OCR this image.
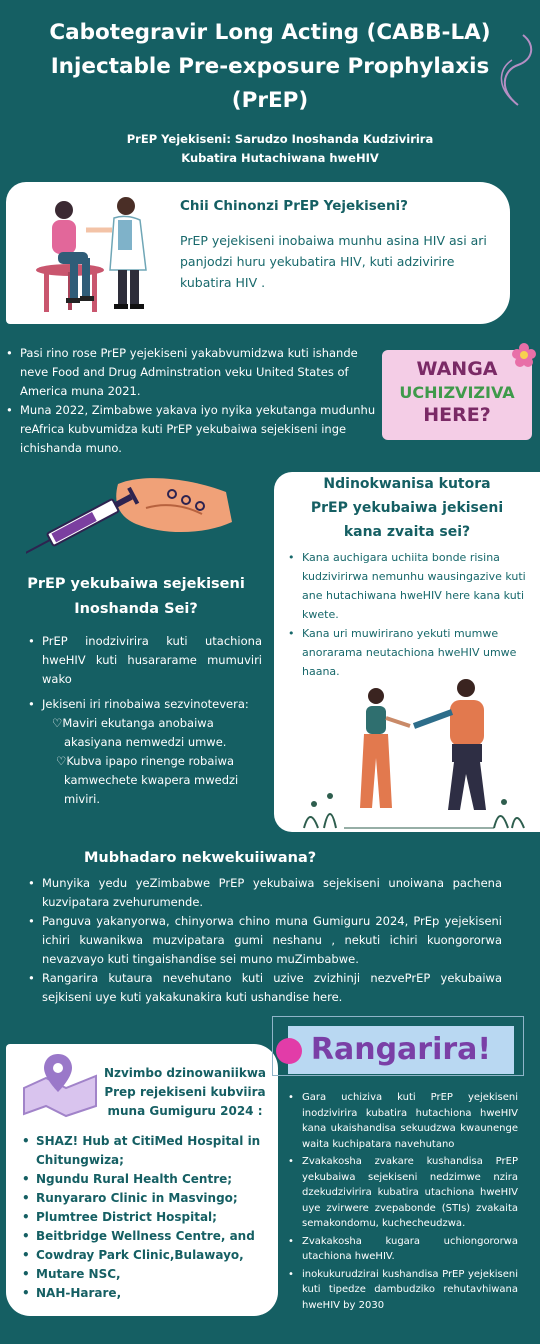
Cabotegravir Long Acting (CABB-LA)
Injectable Pre-exposure Prophylaxis
(PrEP)
PrEP Yejekiseni: Sarudzo Inoshanda Kudzivirira
Kubatira Hutachiwana hweHIV
Chii Chinonzi PrEP Yejekiseni?
PrEP yejekiseni inobaiwa munhu asina HIV asi ari panjodzi huru yekubatira HIV, kuti adzivirire kubatira HIV .
• Pasi rino rose PrEP yejekiseni yakabvumidzwa kuti ishande neve Food and Drug Adminstration veku United States of America muna 2021.
• Muna 2022, Zimbabwe yakava iyo nyika yekutanga mudunhu reAfrica kubvumidza kuti PrEP yekubaiwa sejekiseni inge ichishanda muno.
WANGA
UCHIZVIZIVA
HERE?
PrEP yekubaiwa sejekiseni
Inoshanda Sei?
• PrEP inodzivirira kuti utachiona hweHIV kuti husararame mumuviri wako
• Jekiseni iri rinobaiwa sezvinotevera:
♡Maviri ekutanga anobaiwa akasiyana nemwedzi umwe.
♡Kubva ipapo rinenge robaiwa kamwechete kwapera mwedzi miviri.
Ndinokwanisa kutora
PrEP yekubaiwa jekiseni
kana zvaita sei?
• Kana auchigara uchiita bonde risina kudzivirirwa nemunhu wausingazive kuti ane hutachiwana hweHIV here kana kuti kwete.
• Kana uri muwirirano yekuti mumwe anorarama neutachiona hweHIV umwe haana.
Mubhadaro nekwekuiiwana?
• Munyika yedu yeZimbabwe PrEP yekubaiwa sejekiseni unoiwana pachena kuzvipatara zvehurumende.
• Panguva yakanyorwa, chinyorwa chino muna Gumiguru 2024, PrEp yejekiseni ichiri kuwanikwa muzvipatara gumi neshanu , nekuti ichiri kuongororwa nevazvayo kuti tingaishandise sei muno muZimbabwe.
• Rangarira kutaura nevehutano kuti uzive zvizhinji nezvePrEP yekubaiwa sejkiseni uye kuti yakakunakira kuti ushandise here.
Nzvimbo dzinowaniikwa
Prep rejekiseni kubviira
muna Gumiguru 2024 :
• SHAZ! Hub at CitiMed Hospital in Chitungwiza;
• Ngundu Rural Health Centre;
• Runyararo Clinic in Masvingo;
• Plumtree District Hospital;
• Beitbridge Wellness Centre, and
• Cowdray Park Clinic,Bulawayo,
• Mutare NSC,
• NAH-Harare,
Rangarira!
• Gara uchiziva kuti PrEP yejekiseni inodzivirira kubatira hutachiona hweHIV kana ukaishandisa sekuudzwa kwaunenge waita kuchipatara navehutano
• Zvakakosha zvakare kushandisa PrEP yekubaiwa sejekiseni nedzimwe nzira dzekudzivirira kubatira utachiona hweHIV uye zvirwere zvepabonde (STIs) zvakaita semakondomu, kuchecheudzwa.
• Zvakakosha kugara uchiongororwa utachiona hweHIV.
• inokukurudzirai kushandisa PrEP yejekiseni kuti tipedze dambudziko rehutavhiwana hweHIV by 2030
